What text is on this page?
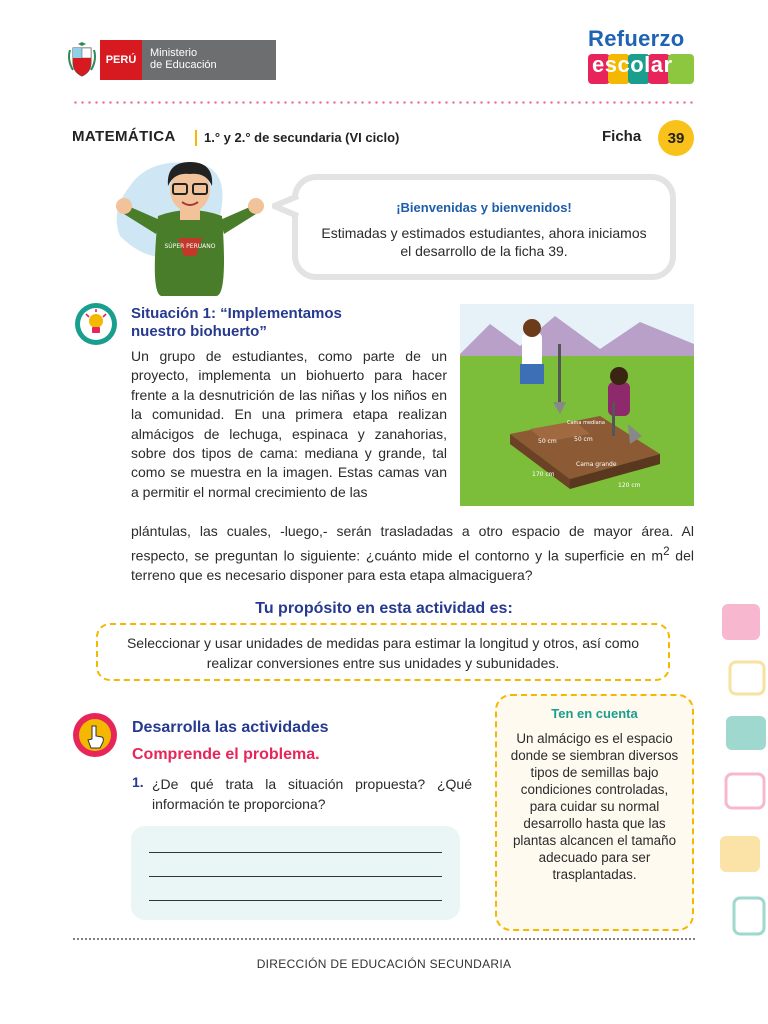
PERÚ
Ministerio
de Educación
Refuerzo
escolar
MATEMÁTICA 1.° y 2.° de secundaria (VI ciclo)	Ficha	39
SÚPER PERUANO
¡Bienvenidas y bienvenidos!
Estimadas y estimados estudiantes, ahora iniciamos el desarrollo de la ficha 39.
Situación 1: “Implementamos
nuestro biohuerto”
Un grupo de estudiantes, como parte de un proyecto, implementa un biohuerto para hacer frente a la desnutrición de las niñas y los niños en la comunidad. En una primera etapa realizan almácigos de lechuga, espinaca y zanahorias, sobre dos tipos de cama: mediana y grande, tal como se muestra en la imagen. Estas camas van a permitir el normal crecimiento de las
Cama mediana
50 cm	50 cm
Cama grande
170 cm
120 cm
plántulas, las cuales, -luego,- serán trasladadas a otro espacio de mayor área. Al respecto, se preguntan lo siguiente: ¿cuánto mide el contorno y la superficie en $m^2$ del terreno que es necesario disponer para esta etapa almaciguera?
Tu propósito en esta actividad es:
Seleccionar y usar unidades de medidas para estimar la longitud y otros, así como realizar conversiones entre sus unidades y subunidades.
Desarrolla las actividades
Comprende el problema.
1. ¿De qué trata la situación propuesta? ¿Qué información te proporciona?
Ten en cuenta
Un almácigo es el espacio donde se siembran diversos tipos de semillas bajo condiciones controladas, para cuidar su normal desarrollo hasta que las plantas alcancen el tamaño adecuado para ser trasplantadas.
DIRECCIÓN DE EDUCACIÓN SECUNDARIA
